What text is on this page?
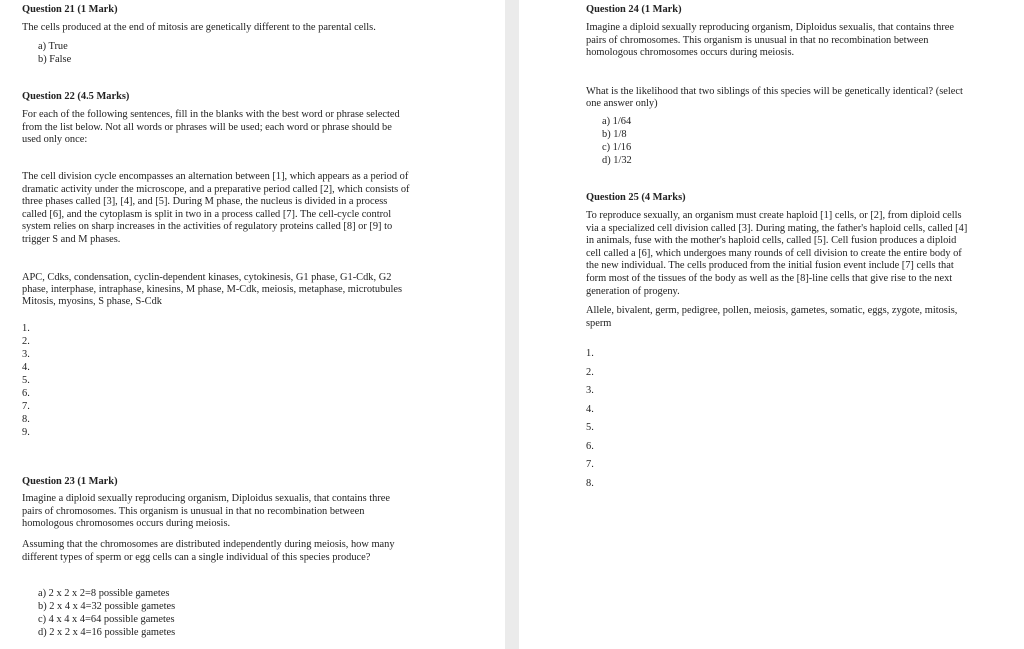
Question 21 (1 Mark)
The cells produced at the end of mitosis are genetically different to the parental cells.
a) True
b) False
Question 22 (4.5 Marks)
For each of the following sentences, fill in the blanks with the best word or phrase selected
from the list below. Not all words or phrases will be used; each word or phrase should be
used only once:
The cell division cycle encompasses an alternation between [1], which appears as a period of
dramatic activity under the microscope, and a preparative period called [2], which consists of
three phases called [3], [4], and [5]. During M phase, the nucleus is divided in a process
called [6], and the cytoplasm is split in two in a process called [7]. The cell-cycle control
system relies on sharp increases in the activities of regulatory proteins called [8] or [9] to
trigger S and M phases.
APC, Cdks, condensation, cyclin-dependent kinases, cytokinesis, G1 phase, G1-Cdk, G2
phase, interphase, intraphase, kinesins, M phase, M-Cdk, meiosis, metaphase, microtubules
Mitosis, myosins, S phase, S-Cdk
1.
2.
3.
4.
5.
6.
7.
8.
9.
Question 23 (1 Mark)
Imagine a diploid sexually reproducing organism, Diploidus sexualis, that contains three
pairs of chromosomes. This organism is unusual in that no recombination between
homologous chromosomes occurs during meiosis.
Assuming that the chromosomes are distributed independently during meiosis, how many
different types of sperm or egg cells can a single individual of this species produce?
a) 2 x 2 x 2=8 possible gametes
b) 2 x 4 x 4=32 possible gametes
c) 4 x 4 x 4=64 possible gametes
d) 2 x 2 x 4=16 possible gametes
Question 24 (1 Mark)
Imagine a diploid sexually reproducing organism, Diploidus sexualis, that contains three
pairs of chromosomes. This organism is unusual in that no recombination between
homologous chromosomes occurs during meiosis.
What is the likelihood that two siblings of this species will be genetically identical? (select
one answer only)
a) 1/64
b) 1/8
c) 1/16
d) 1/32
Question 25 (4 Marks)
To reproduce sexually, an organism must create haploid [1] cells, or [2], from diploid cells
via a specialized cell division called [3]. During mating, the father's haploid cells, called [4]
in animals, fuse with the mother's haploid cells, called [5]. Cell fusion produces a diploid
cell called a [6], which undergoes many rounds of cell division to create the entire body of
the new individual. The cells produced from the initial fusion event include [7] cells that
form most of the tissues of the body as well as the [8]-line cells that give rise to the next
generation of progeny.
Allele, bivalent, germ, pedigree, pollen, meiosis, gametes, somatic, eggs, zygote, mitosis,
sperm
1.
2.
3.
4.
5.
6.
7.
8.
